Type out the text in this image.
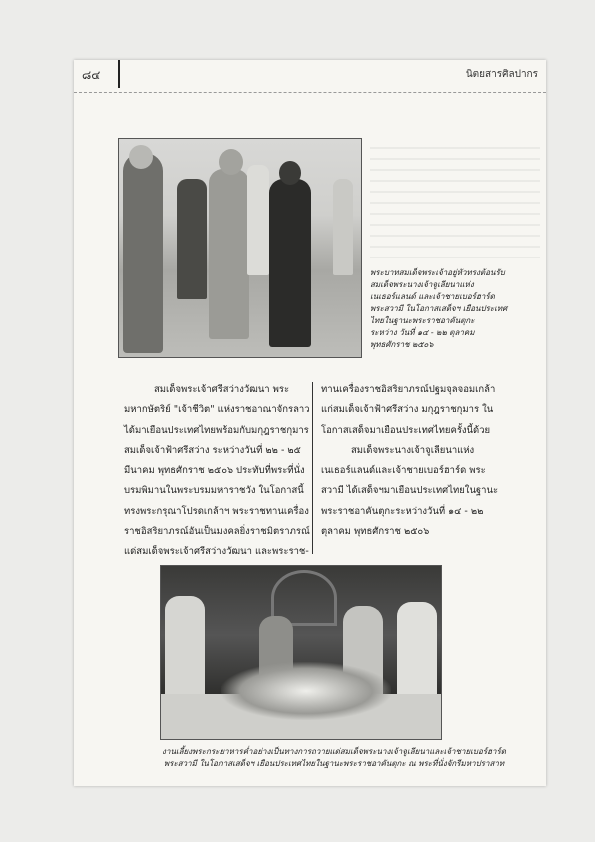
๘๔	นิตยสารศิลปากร
พระบาทสมเด็จพระเจ้าอยู่หัวทรงต้อนรับ
สมเด็จพระนางเจ้าจูเลียนาแห่ง
เนเธอร์แลนด์ และเจ้าชายเบอร์ฮาร์ด
พระสวามี ในโอกาสเสด็จฯ เยือนประเทศ
ไทยในฐานะพระราชอาคันตุกะ
ระหว่าง วันที่ ๑๔ - ๒๒ ตุลาคม
พุทธศักราช ๒๕๐๖
สมเด็จพระเจ้าศรีสว่างวัฒนา พระ
มหากษัตริย์ "เจ้าชีวิต" แห่งราชอาณาจักรลาว
ได้มาเยือนประเทศไทยพร้อมกับมกุฎราชกุมาร
สมเด็จเจ้าฟ้าศรีสว่าง ระหว่างวันที่ ๒๒ - ๒๕
มีนาคม พุทธศักราช ๒๕๐๖ ประทับที่พระที่นั่ง
บรมพิมานในพระบรมมหาราชวัง ในโอกาสนี้
ทรงพระกรุณาโปรดเกล้าฯ พระราชทานเครื่อง
ราชอิสริยาภรณ์อันเป็นมงคลยิ่งราชมิตราภรณ์
แด่สมเด็จพระเจ้าศรีสว่างวัฒนา และพระราช-
ทานเครื่องราชอิสริยาภรณ์ปฐมจุลจอมเกล้า
แก่สมเด็จเจ้าฟ้าศรีสว่าง มกุฎราชกุมาร ใน
โอกาสเสด็จมาเยือนประเทศไทยครั้งนี้ด้วย
สมเด็จพระนางเจ้าจูเลียนาแห่ง
เนเธอร์แลนด์และเจ้าชายเบอร์ฮาร์ด พระ
สวามี ได้เสด็จฯมาเยือนประเทศไทยในฐานะ
พระราชอาคันตุกะระหว่างวันที่ ๑๔ - ๒๒
ตุลาคม พุทธศักราช ๒๕๐๖
งานเลี้ยงพระกระยาหารค่ำอย่างเป็นทางการถวายแด่สมเด็จพระนางเจ้าจูเลียนาและเจ้าชายเบอร์ฮาร์ด
พระสวามี ในโอกาสเสด็จฯ เยือนประเทศไทยในฐานะพระราชอาคันตุกะ ณ พระที่นั่งจักรีมหาปราสาท
